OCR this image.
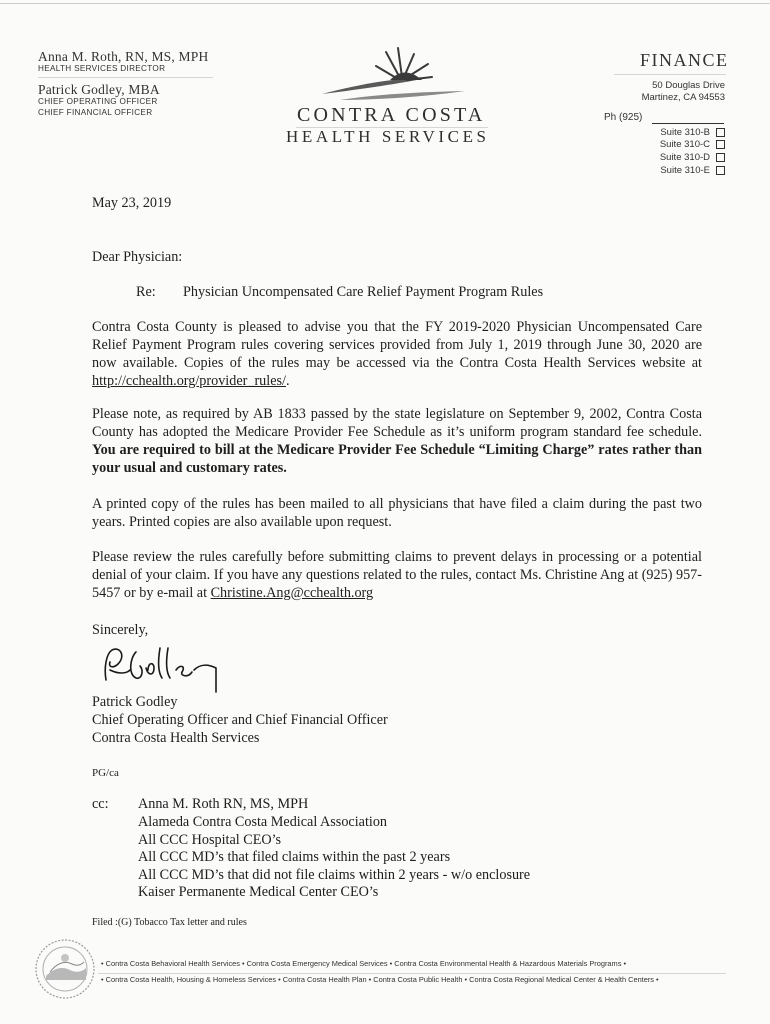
Anna M. Roth, RN, MS, MPH
HEALTH SERVICES DIRECTOR
Patrick Godley, MBA
CHIEF OPERATING OFFICER
CHIEF FINANCIAL OFFICER	CONTRA COSTA
HEALTH SERVICES
FINANCE
50 Douglas Drive
Martinez, CA 94553
Ph (925)
Suite 310-B
Suite 310-C
Suite 310-D
Suite 310-E
May 23, 2019
Dear Physician:
Re: Physician Uncompensated Care Relief Payment Program Rules
Contra Costa County is pleased to advise you that the FY 2019-2020 Physician Uncompensated Care Relief Payment Program rules covering services provided from July 1, 2019 through June 30, 2020 are now available. Copies of the rules may be accessed via the Contra Costa Health Services website at http://cchealth.org/provider_rules/.
Please note, as required by AB 1833 passed by the state legislature on September 9, 2002, Contra Costa County has adopted the Medicare Provider Fee Schedule as it’s uniform program standard fee schedule. You are required to bill at the Medicare Provider Fee Schedule “Limiting Charge” rates rather than your usual and customary rates.
A printed copy of the rules has been mailed to all physicians that have filed a claim during the past two years. Printed copies are also available upon request.
Please review the rules carefully before submitting claims to prevent delays in processing or a potential denial of your claim. If you have any questions related to the rules, contact Ms. Christine Ang at (925) 957-5457 or by e-mail at Christine.Ang@cchealth.org
Sincerely,
Patrick Godley
Chief Operating Officer and Chief Financial Officer
Contra Costa Health Services
PG/ca
cc: Anna M. Roth RN, MS, MPH
Alameda Contra Costa Medical Association
All CCC Hospital CEO’s
All CCC MD’s that filed claims within the past 2 years
All CCC MD’s that did not file claims within 2 years - w/o enclosure
Kaiser Permanente Medical Center CEO’s
Filed :(G) Tobacco Tax letter and rules
• Contra Costa Behavioral Health Services • Contra Costa Emergency Medical Services • Contra Costa Environmental Health & Hazardous Materials Programs •
• Contra Costa Health, Housing & Homeless Services • Contra Costa Health Plan • Contra Costa Public Health • Contra Costa Regional Medical Center & Health Centers •
